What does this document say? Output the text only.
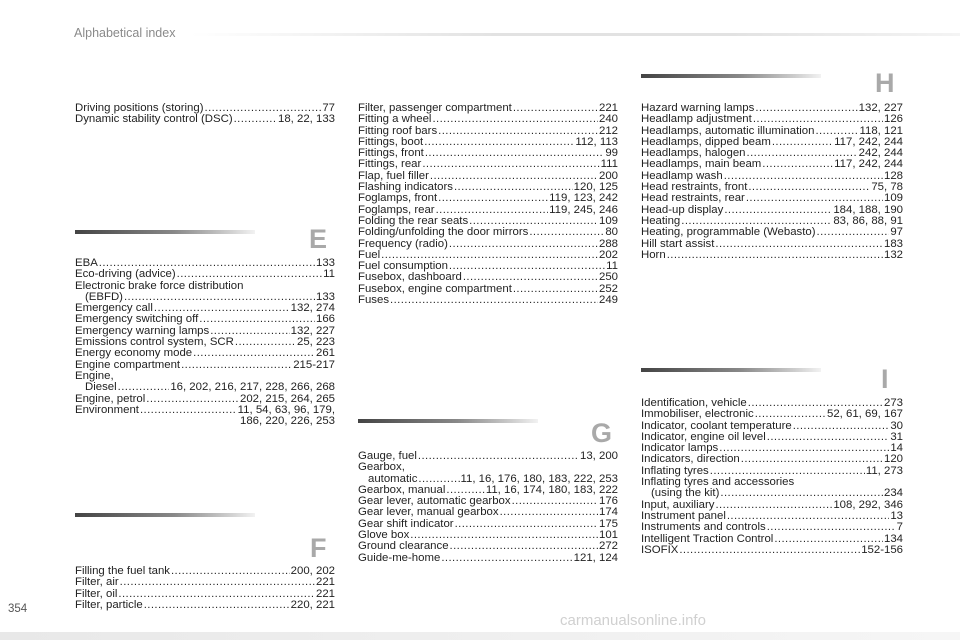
Alphabetical index
Driving positions (storing) .....	77
Dynamic stability control (DSC) .....	18, 22, 133
E
EBA .....	133
Eco-driving (advice) .....	11
Electronic brake force distribution
(EBFD) .....	133
Emergency call .....	132, 274
Emergency switching off .....	166
Emergency warning lamps .....	132, 227
Emissions control system, SCR .....	25, 223
Energy economy mode .....	261
Engine compartment .....	215-217
Engine,
Diesel .....	16, 202, 216, 217, 228, 266, 268
Engine, petrol .....	202, 215, 264, 265
Environment .....	11, 54, 63, 96, 179,
186, 220, 226, 253
F
Filling the fuel tank .....	200, 202
Filter, air .....	221
Filter, oil .....	221
Filter, particle .....	220, 221
Filter, passenger compartment .....	221
Fitting a wheel .....	240
Fitting roof bars .....	212
Fittings, boot .....	112, 113
Fittings, front .....	99
Fittings, rear .....	111
Flap, fuel filler .....	200
Flashing indicators .....	120, 125
Foglamps, front .....	119, 123, 242
Foglamps, rear .....	119, 245, 246
Folding the rear seats .....	109
Folding/unfolding the door mirrors .....	80
Frequency (radio) .....	288
Fuel .....	202
Fuel consumption .....	11
Fusebox, dashboard .....	250
Fusebox, engine compartment .....	252
Fuses .....	249
G
Gauge, fuel .....	13, 200
Gearbox,
automatic .....	11, 16, 176, 180, 183, 222, 253
Gearbox, manual .....	11, 16, 174, 180, 183, 222
Gear lever, automatic gearbox .....	176
Gear lever, manual gearbox .....	174
Gear shift indicator .....	175
Glove box .....	101
Ground clearance .....	272
Guide-me-home .....	121, 124
H
Hazard warning lamps .....	132, 227
Headlamp adjustment .....	126
Headlamps, automatic illumination .....	118, 121
Headlamps, dipped beam .....	117, 242, 244
Headlamps, halogen .....	242, 244
Headlamps, main beam .....	117, 242, 244
Headlamp wash .....	128
Head restraints, front .....	75, 78
Head restraints, rear .....	109
Head-up display .....	184, 188, 190
Heating .....	83, 86, 88, 91
Heating, programmable (Webasto) .....	97
Hill start assist .....	183
Horn .....	132
I
Identification, vehicle .....	273
Immobiliser, electronic .....	52, 61, 69, 167
Indicator, coolant temperature .....	30
Indicator, engine oil level .....	31
Indicator lamps .....	14
Indicators, direction .....	120
Inflating tyres .....	11, 273
Inflating tyres and accessories
(using the kit) .....	234
Input, auxiliary .....	108, 292, 346
Instrument panel .....	13
Instruments and controls .....	7
Intelligent Traction Control .....	134
ISOFIX .....	152-156
354
carmanualsonline.info
